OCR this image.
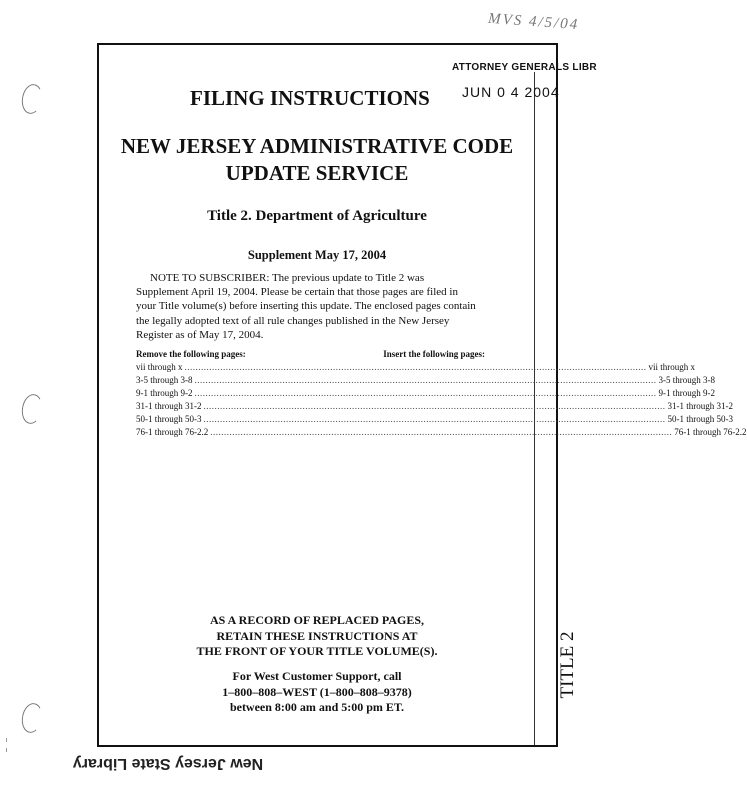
MVS 4/5/04
ATTORNEY GENERALS LIBR
JUN 0 4 2004
FILING INSTRUCTIONS
NEW JERSEY ADMINISTRATIVE CODE
UPDATE SERVICE
Title 2. Department of Agriculture
Supplement May 17, 2004
NOTE TO SUBSCRIBER: The previous update to Title 2 was
Supplement April 19, 2004. Please be certain that those pages are filed in
your Title volume(s) before inserting this update. The enclosed pages contain
the legally adopted text of all rule changes published in the New Jersey
Register as of May 17, 2004.
Remove the following pages:	Insert the following pages:
vii through x ........................................................................................................................................................................ vii through x
3-5 through 3-8 ........................................................................................................................................................................ 3-5 through 3-8
9-1 through 9-2 ........................................................................................................................................................................ 9-1 through 9-2
31-1 through 31-2 ........................................................................................................................................................................ 31-1 through 31-2
50-1 through 50-3 ........................................................................................................................................................................ 50-1 through 50-3
76-1 through 76-2.2 ........................................................................................................................................................................ 76-1 through 76-2.2
AS A RECORD OF REPLACED PAGES,
RETAIN THESE INSTRUCTIONS AT
THE FRONT OF YOUR TITLE VOLUME(S).
For West Customer Support, call
1–800–808–WEST (1–800–808–9378)
between 8:00 am and 5:00 pm ET.
TITLE 2
New Jersey State Library
